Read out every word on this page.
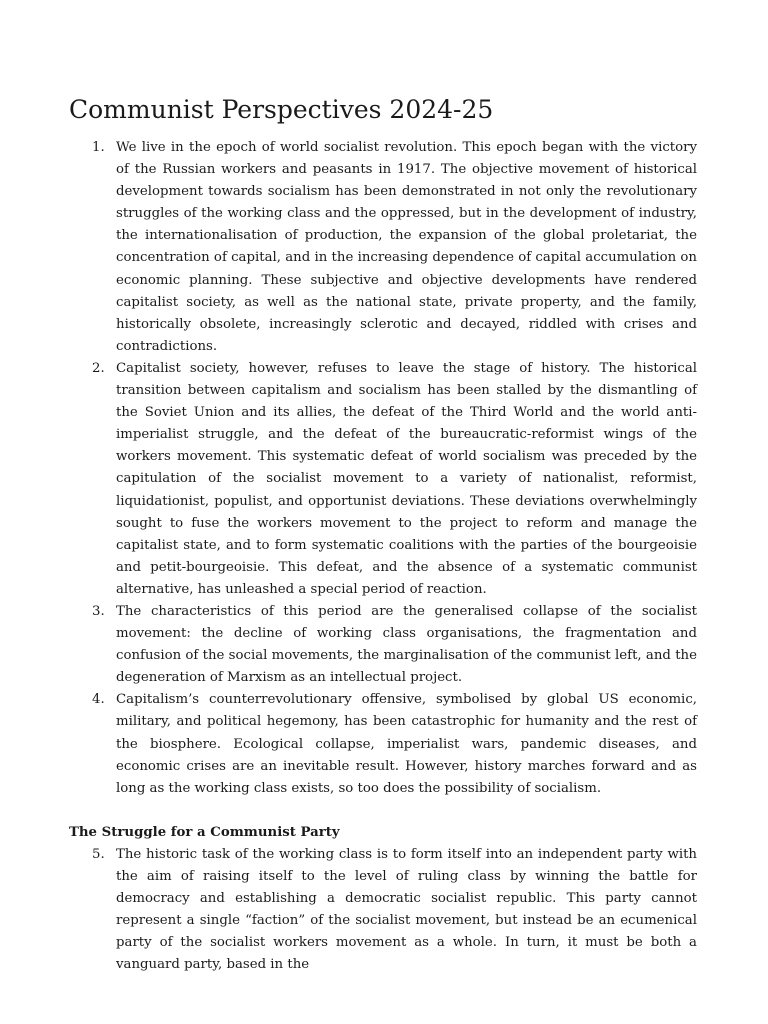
Communist Perspectives 2024-25
1. We live in the epoch of world socialist revolution. This epoch began with the victory of the Russian workers and peasants in 1917. The objective movement of historical development towards socialism has been demonstrated in not only the revolutionary struggles of the working class and the oppressed, but in the development of industry, the internationalisation of production, the expansion of the global proletariat, the concentration of capital, and in the increasing dependence of capital accumulation on economic planning. These subjective and objective developments have rendered capitalist society, as well as the national state, private property, and the family, historically obsolete, increasingly sclerotic and decayed, riddled with crises and contradictions.
2. Capitalist society, however, refuses to leave the stage of history. The historical transition between capitalism and socialism has been stalled by the dismantling of the Soviet Union and its allies, the defeat of the Third World and the world anti-imperialist struggle, and the defeat of the bureaucratic-reformist wings of the workers movement. This systematic defeat of world socialism was preceded by the capitulation of the socialist movement to a variety of nationalist, reformist, liquidationist, populist, and opportunist deviations. These deviations overwhelmingly sought to fuse the workers movement to the project to reform and manage the capitalist state, and to form systematic coalitions with the parties of the bourgeoisie and petit-bourgeoisie. This defeat, and the absence of a systematic communist alternative, has unleashed a special period of reaction.
3. The characteristics of this period are the generalised collapse of the socialist movement: the decline of working class organisations, the fragmentation and confusion of the social movements, the marginalisation of the communist left, and the degeneration of Marxism as an intellectual project.
4. Capitalism’s counterrevolutionary offensive, symbolised by global US economic, military, and political hegemony, has been catastrophic for humanity and the rest of the biosphere. Ecological collapse, imperialist wars, pandemic diseases, and economic crises are an inevitable result. However, history marches forward and as long as the working class exists, so too does the possibility of socialism.
The Struggle for a Communist Party
5. The historic task of the working class is to form itself into an independent party with the aim of raising itself to the level of ruling class by winning the battle for democracy and establishing a democratic socialist republic. This party cannot represent a single “faction” of the socialist movement, but instead be an ecumenical party of the socialist workers movement as a whole. In turn, it must be both a vanguard party, based in the
